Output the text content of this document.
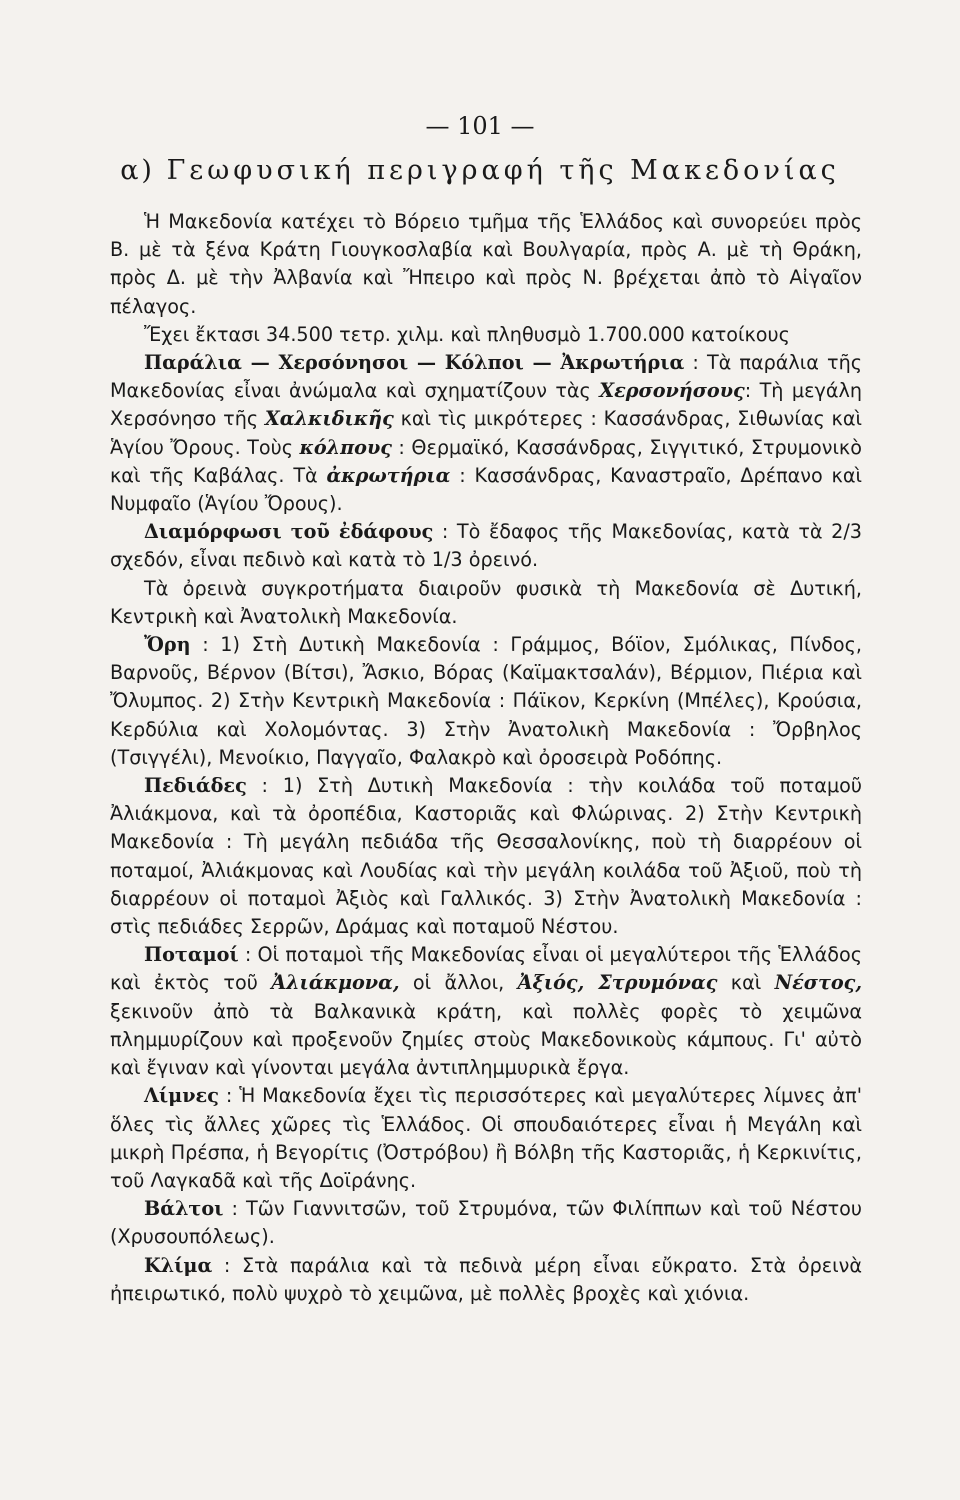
— 101 —
α) Γεωφυσική περιγραφή τῆς Μακεδονίας

Ἡ Μακεδονία κατέχει τὸ Βόρειο τμῆμα τῆς Ἑλλάδος καὶ συνορεύει πρὸς Β. μὲ τὰ ξένα Κράτη Γιουγκοσλαβία καὶ Βουλγαρία, πρὸς Α. μὲ τὴ Θράκη, πρὸς Δ. μὲ τὴν Ἀλβανία καὶ Ἤπειρο καὶ πρὸς Ν. βρέχεται ἀπὸ τὸ Αἰγαῖον πέλαγος.

Ἔχει ἔκτασι 34.500 τετρ. χιλμ. καὶ πληθυσμὸ 1.700.000 κατοίκους

Παράλια — Χερσόνησοι — Κόλποι — Ἀκρωτήρια : Τὰ παράλια τῆς Μακεδονίας εἶναι ἀνώμαλα καὶ σχηματίζουν τὰς Χερσονήσους: Τὴ μεγάλη Χερσόνησο τῆς Χαλκιδικῆς καὶ τὶς μικρότερες : Κασσάνδρας, Σιθωνίας καὶ Ἁγίου Ὄρους. Τοὺς κόλπους : Θερμαϊκό, Κασσάνδρας, Σιγγιτικό, Στρυμονικὸ καὶ τῆς Καβάλας. Τὰ ἀκρωτήρια : Κασσάνδρας, Καναστραῖο, Δρέπανο καὶ Νυμφαῖο (Ἁγίου Ὄρους).

Διαμόρφωσι τοῦ ἐδάφους : Τὸ ἔδαφος τῆς Μακεδονίας, κατὰ τὰ 2/3 σχεδόν, εἶναι πεδινὸ καὶ κατὰ τὸ 1/3 ὀρεινό.

Τὰ ὀρεινὰ συγκροτήματα διαιροῦν φυσικὰ τὴ Μακεδονία σὲ Δυτική, Κεντρικὴ καὶ Ἀνατολικὴ Μακεδονία.

Ὄρη : 1) Στὴ Δυτικὴ Μακεδονία : Γράμμος, Βόϊον, Σμόλικας, Πίνδος, Βαρνοῦς, Βέρνον (Βίτσι), Ἄσκιο, Βόρας (Καϊμακτσαλάν), Βέρμιον, Πιέρια καὶ Ὄλυμπος. 2) Στὴν Κεντρικὴ Μακεδονία : Πάϊκον, Κερκίνη (Μπέλες), Κρούσια, Κερδύλια καὶ Χολομόντας. 3) Στὴν Ἀνατολικὴ Μακεδονία : Ὄρβηλος (Τσιγγέλι), Μενοίκιο, Παγγαῖο, Φαλακρὸ καὶ ὀροσειρὰ Ροδόπης.

Πεδιάδες : 1) Στὴ Δυτικὴ Μακεδονία : τὴν κοιλάδα τοῦ ποταμοῦ Ἀλιάκμονα, καὶ τὰ ὀροπέδια, Καστοριᾶς καὶ Φλώρινας. 2) Στὴν Κεντρικὴ Μακεδονία : Τὴ μεγάλη πεδιάδα τῆς Θεσσαλονίκης, ποὺ τὴ διαρρέουν οἱ ποταμοί, Ἀλιάκμονας καὶ Λουδίας καὶ τὴν μεγάλη κοιλάδα τοῦ Ἀξιοῦ, ποὺ τὴ διαρρέουν οἱ ποταμοὶ Ἀξιὸς καὶ Γαλλικός. 3) Στὴν Ἀνατολικὴ Μακεδονία : στὶς πεδιάδες Σερρῶν, Δράμας καὶ ποταμοῦ Νέστου.

Ποταμοί : Οἱ ποταμοὶ τῆς Μακεδονίας εἶναι οἱ μεγαλύτεροι τῆς Ἑλλάδος καὶ ἐκτὸς τοῦ Ἀλιάκμονα, οἱ ἄλλοι, Ἀξιός, Στρυμόνας καὶ Νέστος, ξεκινοῦν ἀπὸ τὰ Βαλκανικὰ κράτη, καὶ πολλὲς φορὲς τὸ χειμῶνα πλημμυρίζουν καὶ προξενοῦν ζημίες στοὺς Μακεδονικοὺς κάμπους. Γι' αὐτὸ καὶ ἔγιναν καὶ γίνονται μεγάλα ἀντιπλημμυρικὰ ἔργα.

Λίμνες : Ἡ Μακεδονία ἔχει τὶς περισσότερες καὶ μεγαλύτερες λίμνες ἀπ' ὅλες τὶς ἄλλες χῶρες τὶς Ἑλλάδος. Οἱ σπουδαιότερες εἶναι ἡ Μεγάλη καὶ μικρὴ Πρέσπα, ἡ Βεγορίτις (Ὀστρόβου) ἢ Βόλβη τῆς Καστοριᾶς, ἡ Κερκινίτις, τοῦ Λαγκαδᾶ καὶ τῆς Δοϊράνης.

Βάλτοι : Τῶν Γιαννιτσῶν, τοῦ Στρυμόνα, τῶν Φιλίππων καὶ τοῦ Νέστου (Χρυσουπόλεως).

Κλίμα : Στὰ παράλια καὶ τὰ πεδινὰ μέρη εἶναι εὔκρατο. Στὰ ὀρεινὰ ἠπειρωτικό, πολὺ ψυχρὸ τὸ χειμῶνα, μὲ πολλὲς βροχὲς καὶ χιόνια.
